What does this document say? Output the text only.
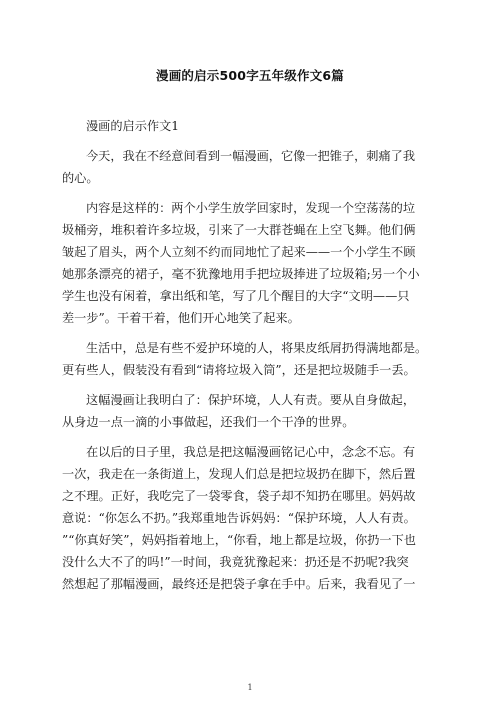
漫画的启示500字五年级作文6篇
漫画的启示作文1
今天，我在不经意间看到一幅漫画，它像一把锥子，刺痛了我
的心。
内容是这样的：两个小学生放学回家时，发现一个空荡荡的垃
圾桶旁，堆积着许多垃圾，引来了一大群苍蝇在上空飞舞。他们俩
皱起了眉头，两个人立刻不约而同地忙了起来——一个小学生不顾
她那条漂亮的裙子，毫不犹豫地用手把垃圾捧进了垃圾箱;另一个小
学生也没有闲着，拿出纸和笔，写了几个醒目的大字“文明——只
差一步”。干着干着，他们开心地笑了起来。
生活中，总是有些不爱护环境的人，将果皮纸屑扔得满地都是。
更有些人，假装没有看到“请将垃圾入筒”，还是把垃圾随手一丢。
这幅漫画让我明白了：保护环境，人人有责。要从自身做起，
从身边一点一滴的小事做起，还我们一个干净的世界。
在以后的日子里，我总是把这幅漫画铭记心中，念念不忘。有
一次，我走在一条街道上，发现人们总是把垃圾扔在脚下，然后置
之不理。正好，我吃完了一袋零食，袋子却不知扔在哪里。妈妈故
意说：“你怎么不扔。”我郑重地告诉妈妈：“保护环境，人人有责。
”“你真好笑”，妈妈指着地上，“你看，地上都是垃圾，你扔一下也
没什么大不了的吗!”一时间，我竟犹豫起来：扔还是不扔呢?我突
然想起了那幅漫画，最终还是把袋子拿在手中。后来，我看见了一
1
